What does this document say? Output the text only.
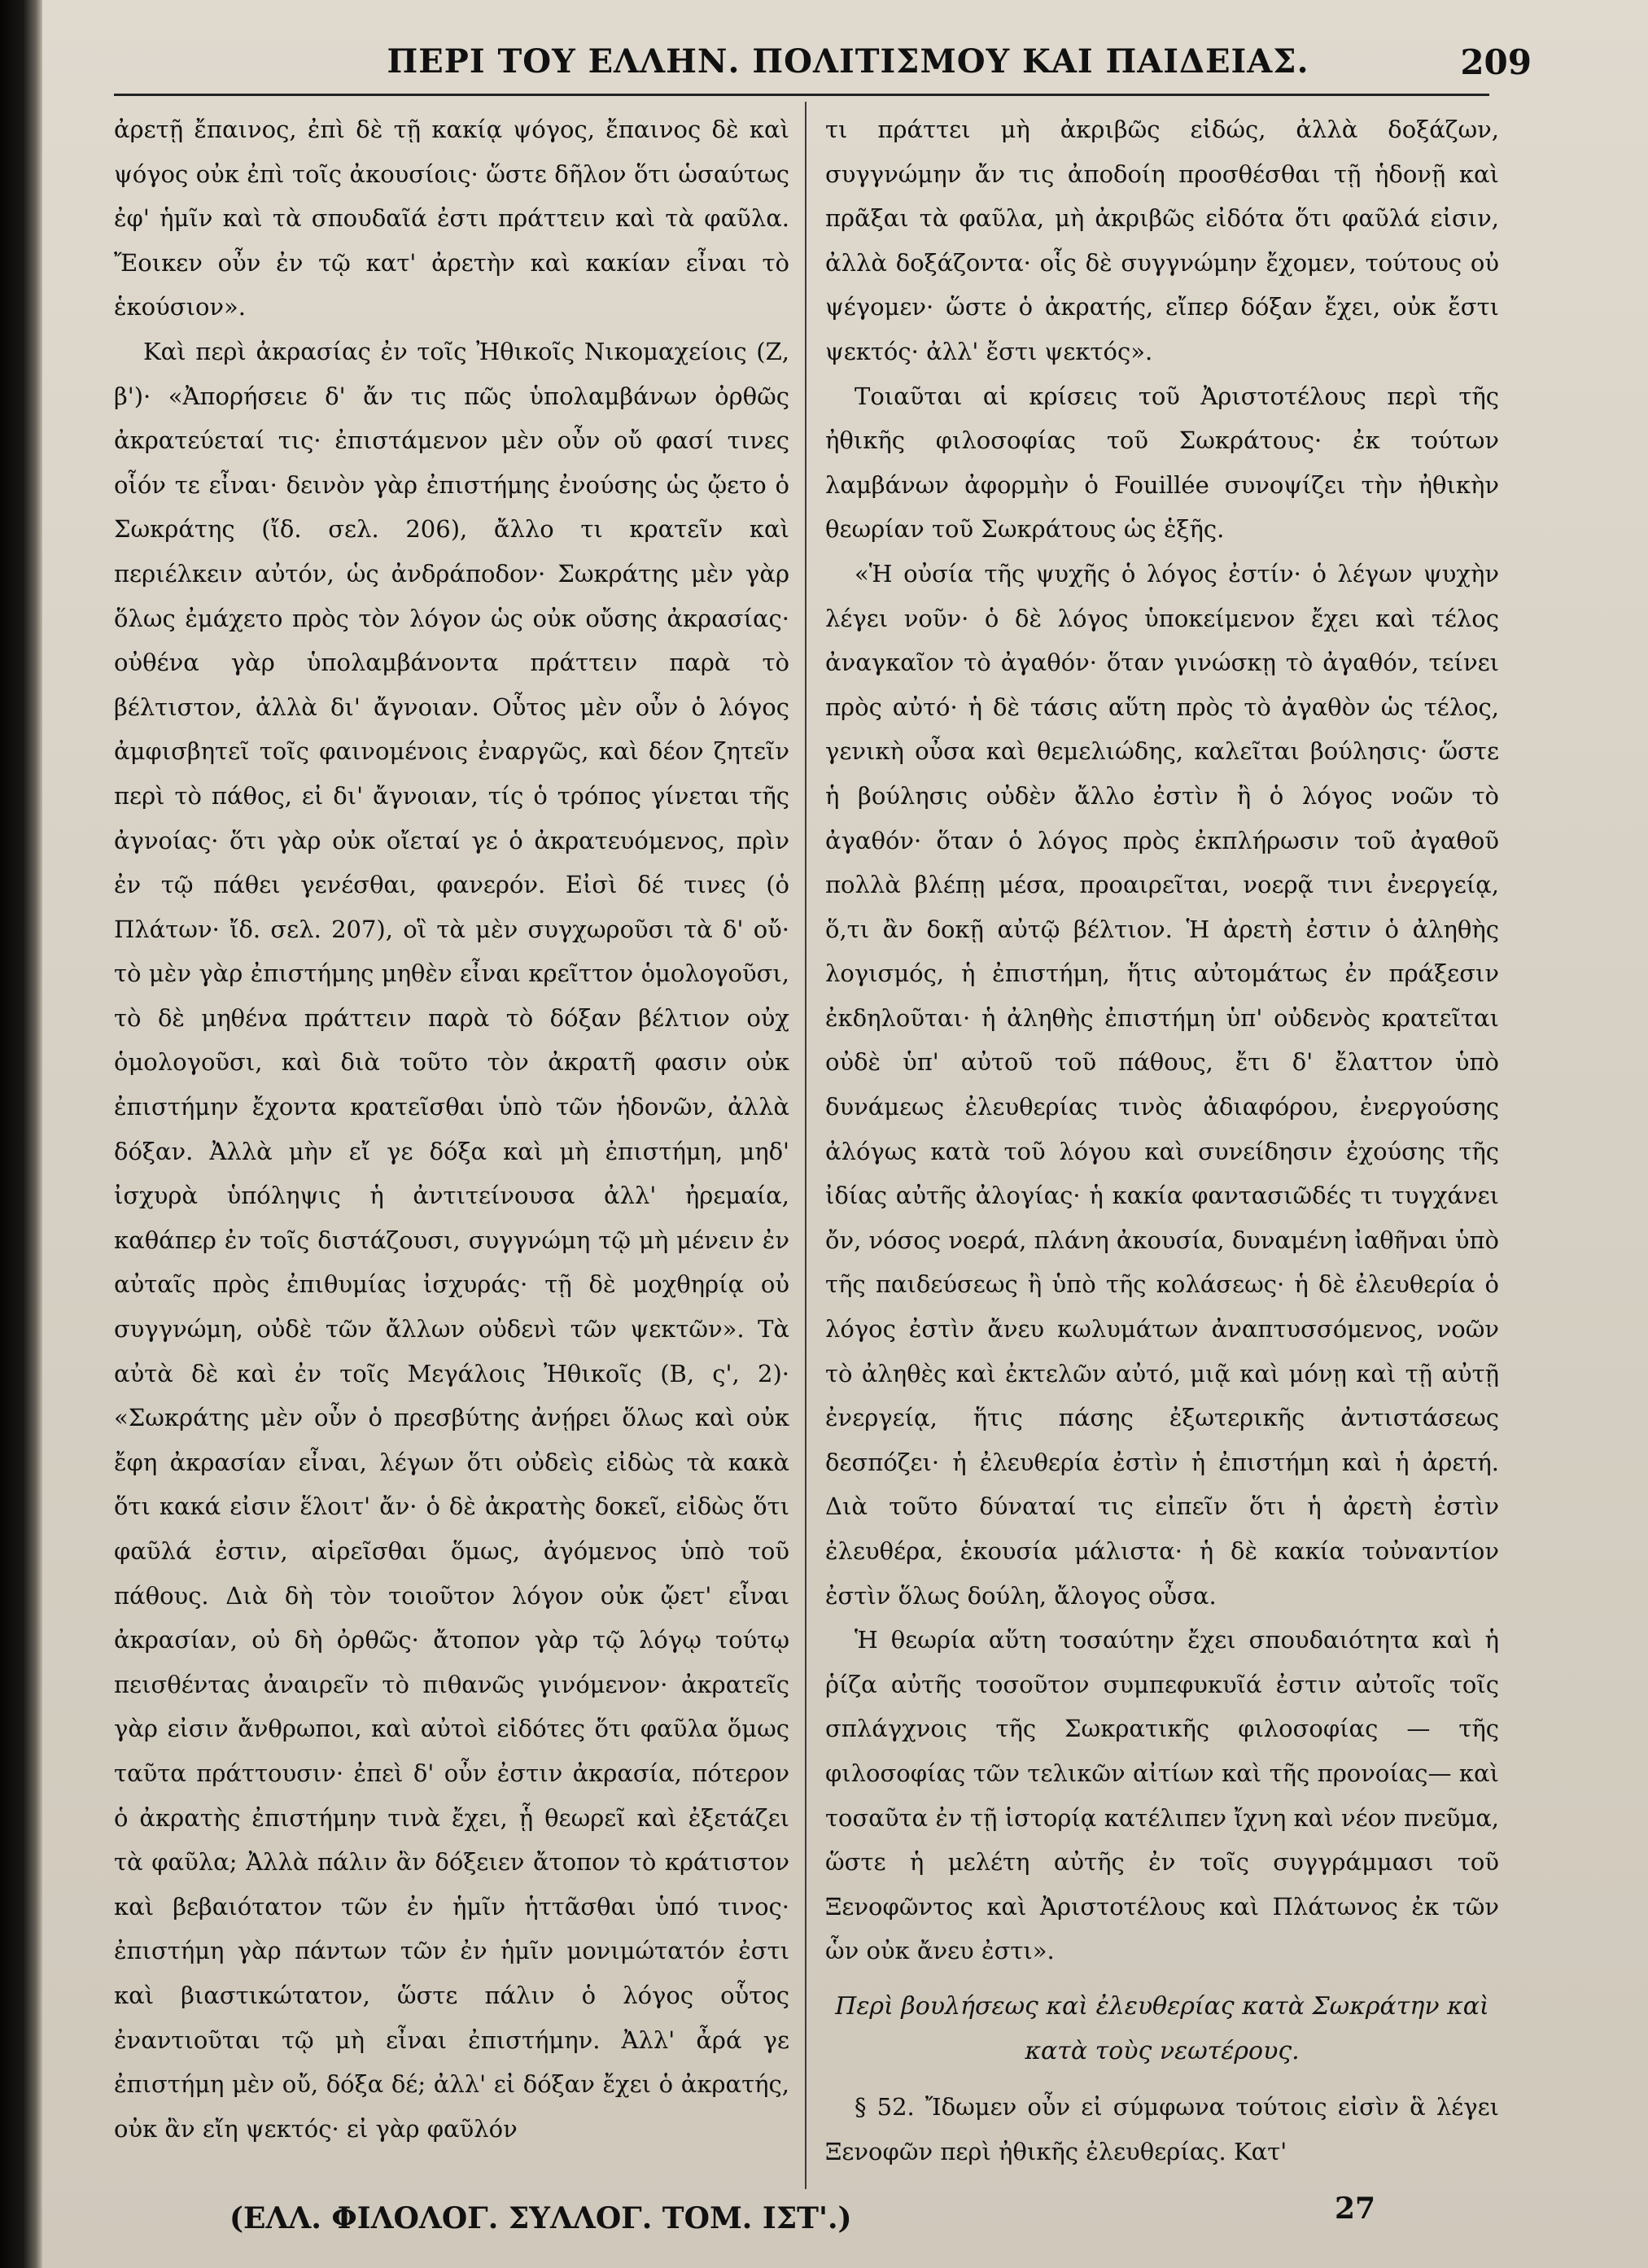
ΠΕΡΙ ΤΟΥ ΕΛΛΗΝ. ΠΟΛΙΤΙΣΜΟΥ ΚΑΙ ΠΑΙΔΕΙΑΣ.	209

ἀρετῇ ἔπαινος, ἐπὶ δὲ τῇ κακίᾳ ψόγος, ἔπαινος δὲ καὶ ψόγος οὐκ ἐπὶ τοῖς ἀκουσίοις· ὥστε δῆλον ὅτι ὡσαύτως ἐφ' ἡμῖν καὶ τὰ σπουδαῖά ἐστι πράττειν καὶ τὰ φαῦλα. Ἔοικεν οὖν ἐν τῷ κατ' ἀρετὴν καὶ κακίαν εἶναι τὸ ἑκούσιον».

Καὶ περὶ ἀκρασίας ἐν τοῖς Ἠθικοῖς Νικομαχείοις (Ζ, β')· «Ἀπορήσειε δ' ἄν τις πῶς ὑπολαμβάνων ὀρθῶς ἀκρατεύεταί τις· ἐπιστάμενον μὲν οὖν οὔ φασί τινες οἷόν τε εἶναι· δεινὸν γὰρ ἐπιστήμης ἐνούσης ὡς ᾤετο ὁ Σωκράτης (ἴδ. σελ. 206), ἄλλο τι κρατεῖν καὶ περιέλκειν αὐτόν, ὡς ἀνδράποδον· Σωκράτης μὲν γὰρ ὅλως ἐμάχετο πρὸς τὸν λόγον ὡς οὐκ οὔσης ἀκρασίας· οὐθένα γὰρ ὑπολαμβάνοντα πράττειν παρὰ τὸ βέλτιστον, ἀλλὰ δι' ἄγνοιαν. Οὗτος μὲν οὖν ὁ λόγος ἀμφισβητεῖ τοῖς φαινομένοις ἐναργῶς, καὶ δέον ζητεῖν περὶ τὸ πάθος, εἰ δι' ἄγνοιαν, τίς ὁ τρόπος γίνεται τῆς ἀγνοίας· ὅτι γὰρ οὐκ οἴεταί γε ὁ ἀκρατευόμενος, πρὶν ἐν τῷ πάθει γενέσθαι, φανερόν. Εἰσὶ δέ τινες (ὁ Πλάτων· ἴδ. σελ. 207), οἳ τὰ μὲν συγχωροῦσι τὰ δ' οὔ· τὸ μὲν γὰρ ἐπιστήμης μηθὲν εἶναι κρεῖττον ὁμολογοῦσι, τὸ δὲ μηθένα πράττειν παρὰ τὸ δόξαν βέλτιον οὐχ ὁμολογοῦσι, καὶ διὰ τοῦτο τὸν ἀκρατῆ φασιν οὐκ ἐπιστήμην ἔχοντα κρατεῖσθαι ὑπὸ τῶν ἡδονῶν, ἀλλὰ δόξαν. Ἀλλὰ μὴν εἴ γε δόξα καὶ μὴ ἐπιστήμη, μηδ' ἰσχυρὰ ὑπόληψις ἡ ἀντιτείνουσα ἀλλ' ἠρεμαία, καθάπερ ἐν τοῖς διστάζουσι, συγγνώμη τῷ μὴ μένειν ἐν αὐταῖς πρὸς ἐπιθυμίας ἰσχυράς· τῇ δὲ μοχθηρίᾳ οὐ συγγνώμη, οὐδὲ τῶν ἄλλων οὐδενὶ τῶν ψεκτῶν». Τὰ αὐτὰ δὲ καὶ ἐν τοῖς Μεγάλοις Ἠθικοῖς (Β, ς', 2)· «Σωκράτης μὲν οὖν ὁ πρεσβύτης ἀνῄρει ὅλως καὶ οὐκ ἔφη ἀκρασίαν εἶναι, λέγων ὅτι οὐδεὶς εἰδὼς τὰ κακὰ ὅτι κακά εἰσιν ἕλοιτ' ἄν· ὁ δὲ ἀκρατὴς δοκεῖ, εἰδὼς ὅτι φαῦλά ἐστιν, αἱρεῖσθαι ὅμως, ἀγόμενος ὑπὸ τοῦ πάθους. Διὰ δὴ τὸν τοιοῦτον λόγον οὐκ ᾤετ' εἶναι ἀκρασίαν, οὐ δὴ ὀρθῶς· ἄτοπον γὰρ τῷ λόγῳ τούτῳ πεισθέντας ἀναιρεῖν τὸ πιθανῶς γινόμενον· ἀκρατεῖς γὰρ εἰσιν ἄνθρωποι, καὶ αὐτοὶ εἰδότες ὅτι φαῦλα ὅμως ταῦτα πράττουσιν· ἐπεὶ δ' οὖν ἐστιν ἀκρασία, πότερον ὁ ἀκρατὴς ἐπιστήμην τινὰ ἔχει, ᾗ θεωρεῖ καὶ ἐξετάζει τὰ φαῦλα; Ἀλλὰ πάλιν ἂν δόξειεν ἄτοπον τὸ κράτιστον καὶ βεβαιότατον τῶν ἐν ἡμῖν ἡττᾶσθαι ὑπό τινος· ἐπιστήμη γὰρ πάντων τῶν ἐν ἡμῖν μονιμώτατόν ἐστι καὶ βιαστικώτατον, ὥστε πάλιν ὁ λόγος οὗτος ἐναντιοῦται τῷ μὴ εἶναι ἐπιστήμην. Ἀλλ' ἆρά γε ἐπιστήμη μὲν οὔ, δόξα δέ; ἀλλ' εἰ δόξαν ἔχει ὁ ἀκρατής, οὐκ ἂν εἴη ψεκτός· εἰ γὰρ φαῦλόν

τι πράττει μὴ ἀκριβῶς εἰδώς, ἀλλὰ δοξάζων, συγγνώμην ἄν τις ἀποδοίη προσθέσθαι τῇ ἡδονῇ καὶ πρᾶξαι τὰ φαῦλα, μὴ ἀκριβῶς εἰδότα ὅτι φαῦλά εἰσιν, ἀλλὰ δοξάζοντα· οἷς δὲ συγγνώμην ἔχομεν, τούτους οὐ ψέγομεν· ὥστε ὁ ἀκρατής, εἴπερ δόξαν ἔχει, οὐκ ἔστι ψεκτός· ἀλλ' ἔστι ψεκτός».

Τοιαῦται αἱ κρίσεις τοῦ Ἀριστοτέλους περὶ τῆς ἠθικῆς φιλοσοφίας τοῦ Σωκράτους· ἐκ τούτων λαμβάνων ἀφορμὴν ὁ Fouillée συνοψίζει τὴν ἠθικὴν θεωρίαν τοῦ Σωκράτους ὡς ἑξῆς.

«Ἡ οὐσία τῆς ψυχῆς ὁ λόγος ἐστίν· ὁ λέγων ψυχὴν λέγει νοῦν· ὁ δὲ λόγος ὑποκείμενον ἔχει καὶ τέλος ἀναγκαῖον τὸ ἀγαθόν· ὅταν γινώσκῃ τὸ ἀγαθόν, τείνει πρὸς αὐτό· ἡ δὲ τάσις αὕτη πρὸς τὸ ἀγαθὸν ὡς τέλος, γενικὴ οὖσα καὶ θεμελιώδης, καλεῖται βούλησις· ὥστε ἡ βούλησις οὐδὲν ἄλλο ἐστὶν ἢ ὁ λόγος νοῶν τὸ ἀγαθόν· ὅταν ὁ λόγος πρὸς ἐκπλήρωσιν τοῦ ἀγαθοῦ πολλὰ βλέπῃ μέσα, προαιρεῖται, νοερᾷ τινι ἐνεργείᾳ, ὅ,τι ἂν δοκῇ αὐτῷ βέλτιον. Ἡ ἀρετὴ ἐστιν ὁ ἀληθὴς λογισμός, ἡ ἐπιστήμη, ἥτις αὐτομάτως ἐν πράξεσιν ἐκδηλοῦται· ἡ ἀληθὴς ἐπιστήμη ὑπ' οὐδενὸς κρατεῖται οὐδὲ ὑπ' αὐτοῦ τοῦ πάθους, ἔτι δ' ἔλαττον ὑπὸ δυνάμεως ἐλευθερίας τινὸς ἀδιαφόρου, ἐνεργούσης ἀλόγως κατὰ τοῦ λόγου καὶ συνείδησιν ἐχούσης τῆς ἰδίας αὐτῆς ἀλογίας· ἡ κακία φαντασιῶδές τι τυγχάνει ὄν, νόσος νοερά, πλάνη ἀκουσία, δυναμένη ἰαθῆναι ὑπὸ τῆς παιδεύσεως ἢ ὑπὸ τῆς κολάσεως· ἡ δὲ ἐλευθερία ὁ λόγος ἐστὶν ἄνευ κωλυμάτων ἀναπτυσσόμενος, νοῶν τὸ ἀληθὲς καὶ ἐκτελῶν αὐτό, μιᾷ καὶ μόνῃ καὶ τῇ αὐτῇ ἐνεργείᾳ, ἥτις πάσης ἐξωτερικῆς ἀντιστάσεως δεσπόζει· ἡ ἐλευθερία ἐστὶν ἡ ἐπιστήμη καὶ ἡ ἀρετή. Διὰ τοῦτο δύναταί τις εἰπεῖν ὅτι ἡ ἀρετὴ ἐστὶν ἐλευθέρα, ἑκουσία μάλιστα· ἡ δὲ κακία τοὐναντίον ἐστὶν ὅλως δούλη, ἄλογος οὖσα.

Ἡ θεωρία αὕτη τοσαύτην ἔχει σπουδαιότητα καὶ ἡ ῥίζα αὐτῆς τοσοῦτον συμπεφυκυῖά ἐστιν αὐτοῖς τοῖς σπλάγχνοις τῆς Σωκρατικῆς φιλοσοφίας — τῆς φιλοσοφίας τῶν τελικῶν αἰτίων καὶ τῆς προνοίας— καὶ τοσαῦτα ἐν τῇ ἱστορίᾳ κατέλιπεν ἴχνη καὶ νέον πνεῦμα, ὥστε ἡ μελέτη αὐτῆς ἐν τοῖς συγγράμμασι τοῦ Ξενοφῶντος καὶ Ἀριστοτέλους καὶ Πλάτωνος ἐκ τῶν ὧν οὐκ ἄνευ ἐστι».

Περὶ βουλήσεως καὶ ἐλευθερίας κατὰ Σωκράτην καὶ κατὰ τοὺς νεωτέρους.

§ 52. Ἴδωμεν οὖν εἰ σύμφωνα τούτοις εἰσὶν ἃ λέγει Ξενοφῶν περὶ ἠθικῆς ἐλευθερίας. Κατ'

(ΕΛΛ. ΦΙΛΟΛΟΓ. ΣΥΛΛΟΓ. ΤΟΜ. ΙΣΤ'.)	27
